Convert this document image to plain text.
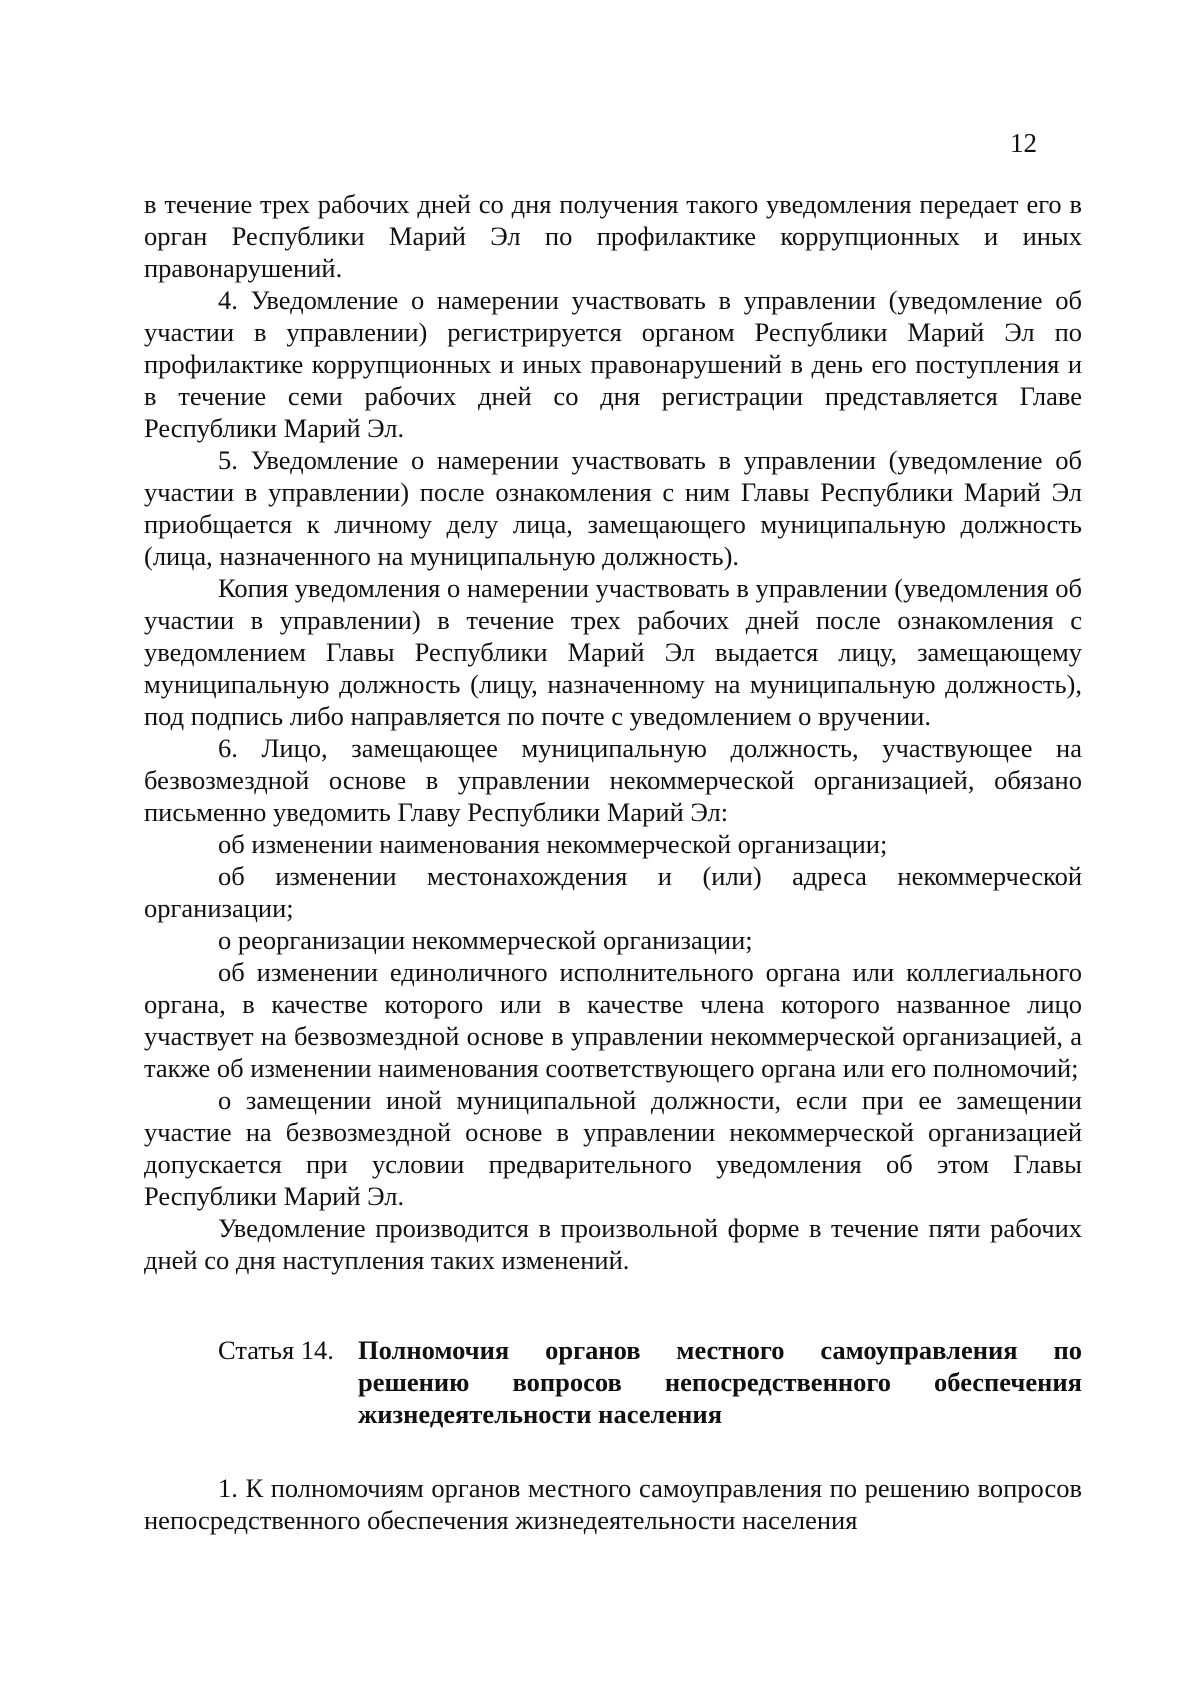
12

в течение трех рабочих дней со дня получения такого уведомления передает его в орган Республики Марий Эл по профилактике коррупционных и иных правонарушений.

4. Уведомление о намерении участвовать в управлении (уведомление об участии в управлении) регистрируется органом Республики Марий Эл по профилактике коррупционных и иных правонарушений в день его поступления и в течение семи рабочих дней со дня регистрации представляется Главе Республики Марий Эл.

5. Уведомление о намерении участвовать в управлении (уведомление об участии в управлении) после ознакомления с ним Главы Республики Марий Эл приобщается к личному делу лица, замещающего муниципальную должность (лица, назначенного на муниципальную должность).

Копия уведомления о намерении участвовать в управлении (уведомления об участии в управлении) в течение трех рабочих дней после ознакомления с уведомлением Главы Республики Марий Эл выдается лицу, замещающему муниципальную должность (лицу, назначенному на муниципальную должность), под подпись либо направляется по почте с уведомлением о вручении.

6. Лицо, замещающее муниципальную должность, участвующее на безвозмездной основе в управлении некоммерческой организацией, обязано письменно уведомить Главу Республики Марий Эл:

об изменении наименования некоммерческой организации;

об изменении местонахождения и (или) адреса некоммерческой организации;

о реорганизации некоммерческой организации;

об изменении единоличного исполнительного органа или коллегиального органа, в качестве которого или в качестве члена которого названное лицо участвует на безвозмездной основе в управлении некоммерческой организацией, а также об изменении наименования соответствующего органа или его полномочий;

о замещении иной муниципальной должности, если при ее замещении участие на безвозмездной основе в управлении некоммерческой организацией допускается при условии предварительного уведомления об этом Главы Республики Марий Эл.

Уведомление производится в произвольной форме в течение пяти рабочих дней со дня наступления таких изменений.

Статья 14. Полномочия органов местного самоуправления по решению вопросов непосредственного обеспечения жизнедеятельности населения

1. К полномочиям органов местного самоуправления по решению вопросов непосредственного обеспечения жизнедеятельности населения
